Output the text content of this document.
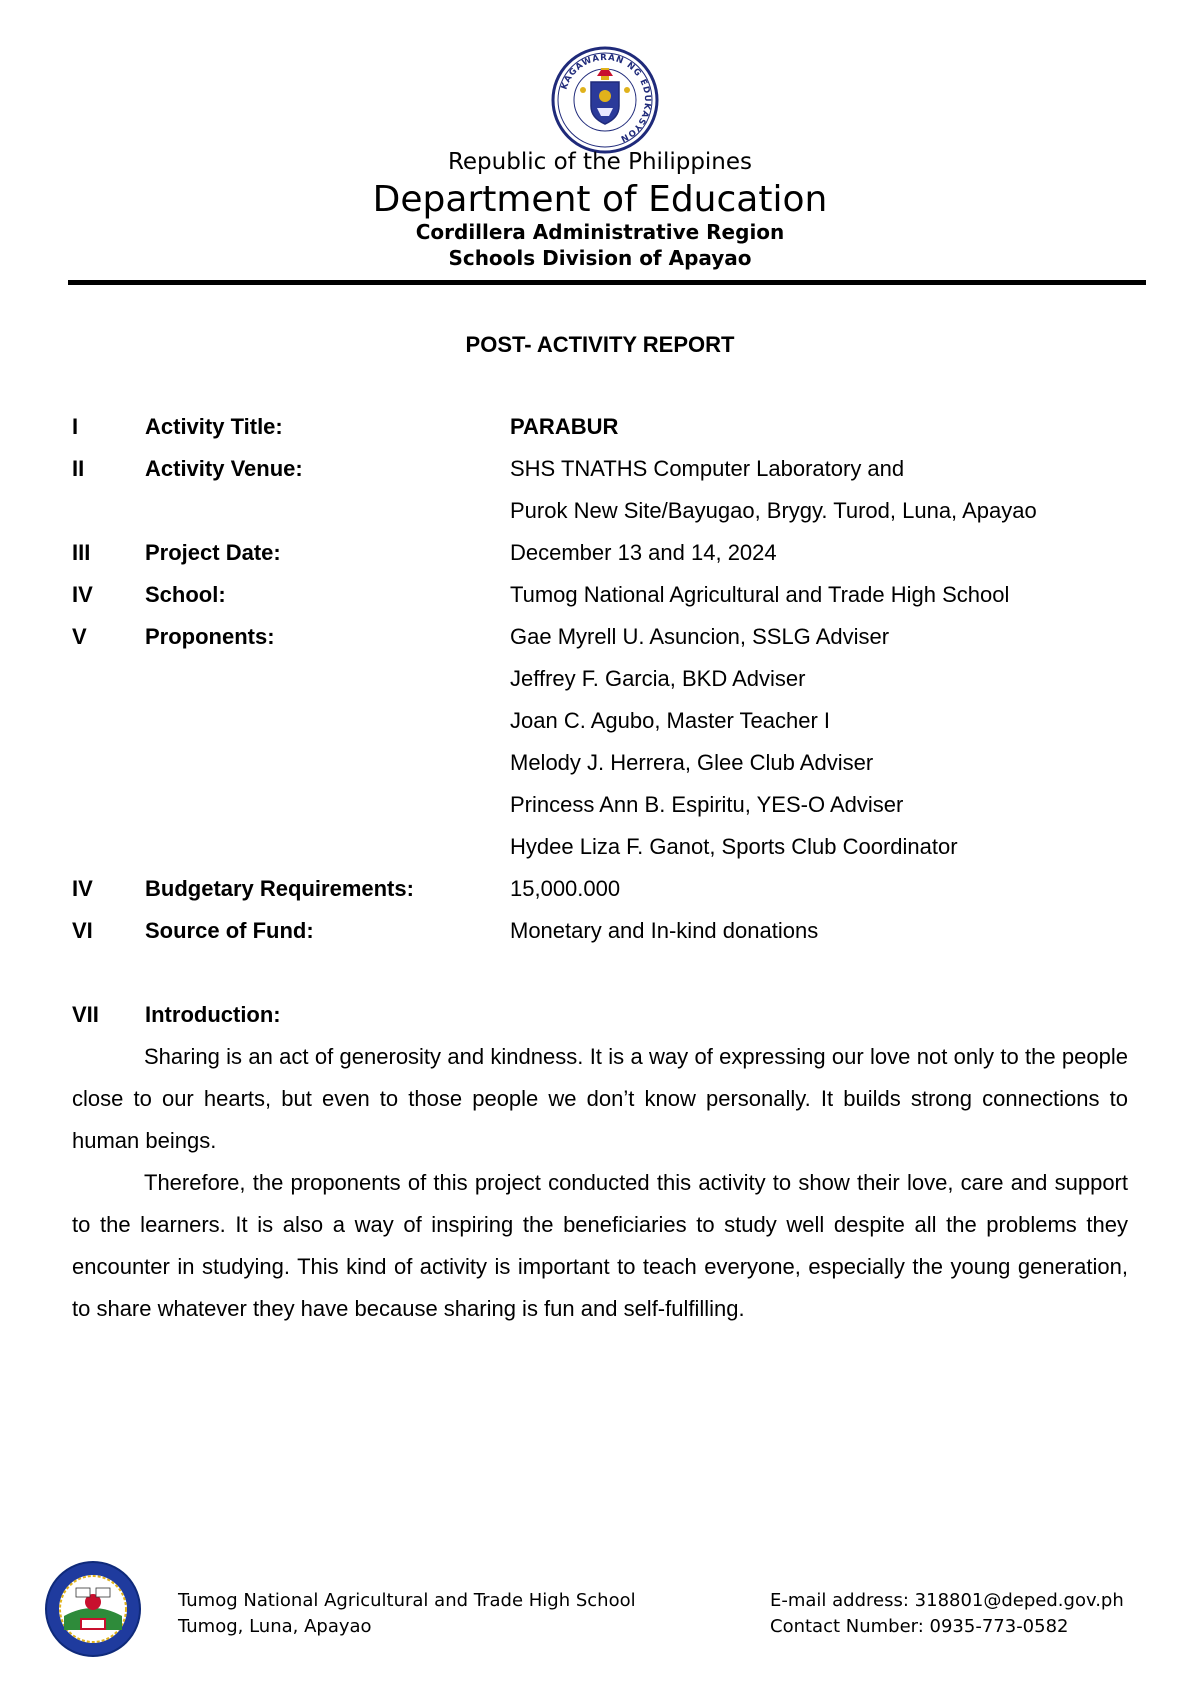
KAGAWARAN NG EDUKASYON
Republic of the Philippines
Department of Education
Cordillera Administrative Region
Schools Division of Apayao
POST- ACTIVITY REPORT
I	Activity Title:	PARABUR
II	Activity Venue:	SHS TNATHS Computer Laboratory and
Purok New Site/Bayugao, Brygy. Turod, Luna, Apayao
III Project Date:	December 13 and 14, 2024
IV School:	Tumog National Agricultural and Trade High School
V	Proponents:	Gae Myrell U. Asuncion, SSLG Adviser
Jeffrey F. Garcia, BKD Adviser
Joan C. Agubo, Master Teacher I
Melody J. Herrera, Glee Club Adviser
Princess Ann B. Espiritu, YES-O Adviser
Hydee Liza F. Ganot, Sports Club Coordinator
IV Budgetary Requirements:	15,000.000
VI Source of Fund:	Monetary and In-kind donations
VII Introduction:

Sharing is an act of generosity and kindness. It is a way of expressing our love not only to the people close to our hearts, but even to those people we don’t know personally. It builds strong connections to human beings.

Therefore, the proponents of this project conducted this activity to show their love, care and support to the learners. It is also a way of inspiring the beneficiaries to study well despite all the problems they encounter in studying. This kind of activity is important to teach everyone, especially the young generation, to share whatever they have because sharing is fun and self-fulfilling.

Tumog National Agricultural and Trade High School
Tumog, Luna, Apayao
E-mail address: 318801@deped.gov.ph
Contact Number: 0935-773-0582
